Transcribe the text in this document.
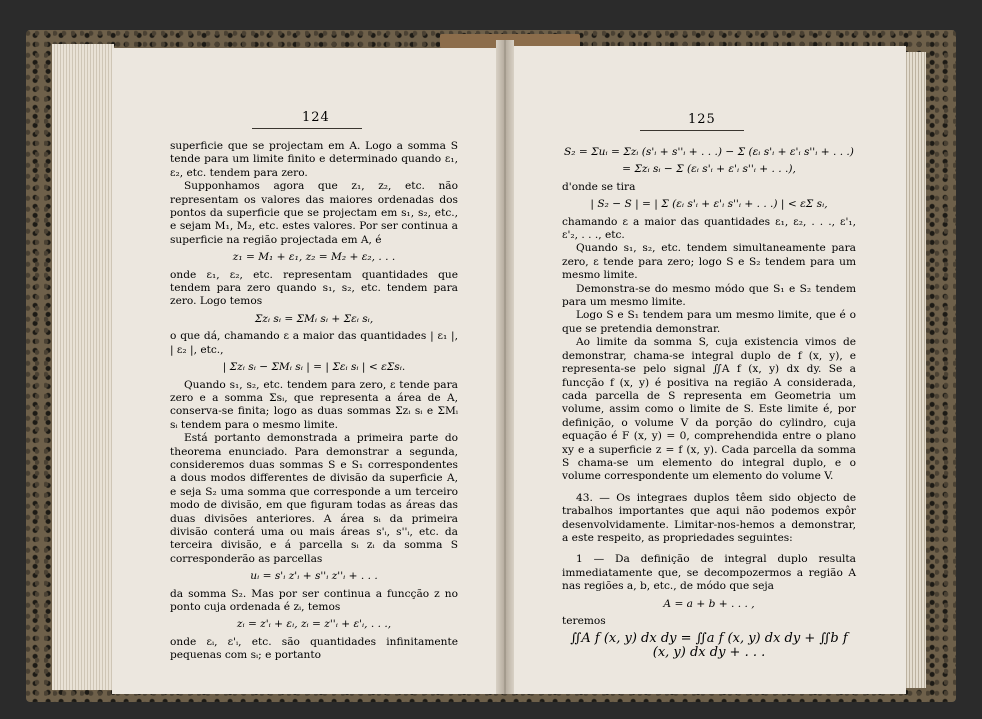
124	125

superficie que se projectam em A. Logo a somma S tende para um limite finito e determinado quando ε₁, ε₂, etc. tendem para zero.

Supponhamos agora que z₁, z₂, etc. não representam os valores das maiores ordenadas dos pontos da superficie que se projectam em s₁, s₂, etc., e sejam M₁, M₂, etc. estes valores. Por ser continua a superficie na região projectada em A, é

z₁ = M₁ + ε₁, z₂ = M₂ + ε₂, . . .

onde ε₁, ε₂, etc. representam quantidades que tendem para zero quando s₁, s₂, etc. tendem para zero. Logo temos

Σzᵢ sᵢ = ΣMᵢ sᵢ + Σεᵢ sᵢ,

o que dá, chamando ε a maior das quantidades | ε₁ |, | ε₂ |, etc.,

| Σzᵢ sᵢ − ΣMᵢ sᵢ | = | Σεᵢ sᵢ | < εΣsᵢ.

Quando s₁, s₂, etc. tendem para zero, ε tende para zero e a somma Σsᵢ, que representa a área de A, conserva-se finita; logo as duas sommas Σzᵢ sᵢ e ΣMᵢ sᵢ tendem para o mesmo limite.

Está portanto demonstrada a primeira parte do theorema enunciado. Para demonstrar a segunda, consideremos duas sommas S e S₁ correspondentes a dous modos differentes de divisão da superficie A, e seja S₂ uma somma que corresponde a um terceiro modo de divisão, em que figuram todas as áreas das duas divisões anteriores. A área sᵢ da primeira divisão conterá uma ou mais áreas s'ᵢ, s''ᵢ, etc. da terceira divisão, e á parcella sᵢ zᵢ da somma S corresponderão as parcellas

uᵢ = s'ᵢ z'ᵢ + s''ᵢ z''ᵢ + . . .

da somma S₂. Mas por ser continua a funcção z no ponto cuja ordenada é zᵢ, temos

zᵢ = z'ᵢ + εᵢ, zᵢ = z''ᵢ + ε'ᵢ, . . .,

onde εᵢ, ε'ᵢ, etc. são quantidades infinitamente pequenas com sᵢ; e portanto

S₂ = Σuᵢ = Σzᵢ (s'ᵢ + s''ᵢ + . . .) − Σ (εᵢ s'ᵢ + ε'ᵢ s''ᵢ + . . .)

= Σzᵢ sᵢ − Σ (εᵢ s'ᵢ + ε'ᵢ s''ᵢ + . . .),

d'onde se tira

| S₂ − S | = | Σ (εᵢ s'ᵢ + ε'ᵢ s''ᵢ + . . .) | < εΣ sᵢ,

chamando ε a maior das quantidades ε₁, ε₂, . . ., ε'₁, ε'₂, . . ., etc.

Quando s₁, s₂, etc. tendem simultaneamente para zero, ε tende para zero; logo S e S₂ tendem para um mesmo limite.

Demonstra-se do mesmo módo que S₁ e S₂ tendem para um mesmo limite.

Logo S e S₁ tendem para um mesmo limite, que é o que se pretendia demonstrar.

Ao limite da somma S, cuja existencia vimos de demonstrar, chama-se integral duplo de f (x, y), e representa-se pelo signal ∬A f (x, y) dx dy. Se a funcção f (x, y) é positiva na região A considerada, cada parcella de S representa em Geometria um volume, assim como o limite de S. Este limite é, por definição, o volume V da porção do cylindro, cuja equação é F (x, y) = 0, comprehendida entre o plano xy e a superficie z = f (x, y). Cada parcella da somma S chama-se um elemento do integral duplo, e o volume correspondente um elemento do volume V.

43. — Os integraes duplos têem sido objecto de trabalhos importantes que aqui não podemos expôr desenvolvidamente. Limitar-nos-hemos a demonstrar, a este respeito, as propriedades seguintes:

1 — Da definição de integral duplo resulta immediatamente que, se decompozermos a região A nas regiões a, b, etc., de módo que seja

A = a + b + . . . ,

teremos

∬A f (x, y) dx dy = ∬a f (x, y) dx dy + ∬b f (x, y) dx dy + . . .
